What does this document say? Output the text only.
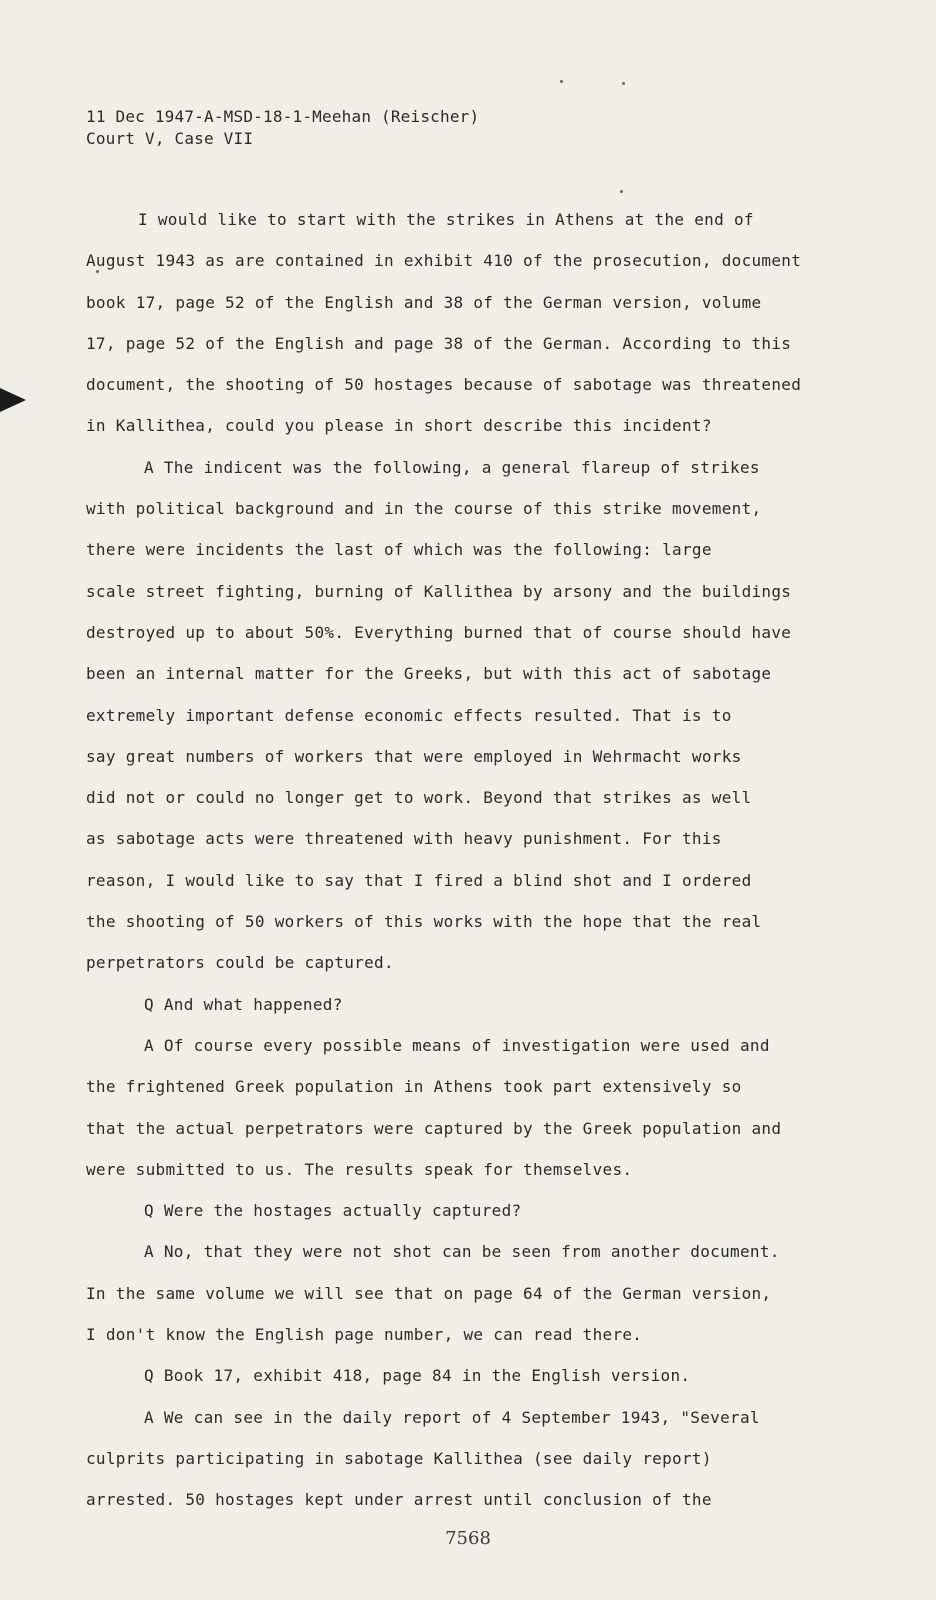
11 Dec 1947-A-MSD-18-1-Meehan (Reischer)
Court V, Case VII
I would like to start with the strikes in Athens at the end of
August 1943 as are contained in exhibit 410 of the prosecution, document
book 17, page 52 of the English and 38 of the German version, volume
17, page 52 of the English and page 38 of the German. According to this
document, the shooting of 50 hostages because of sabotage was threatened
in Kallithea, could you please in short describe this incident?
A The indicent was the following, a general flareup of strikes
with political background and in the course of this strike movement,
there were incidents the last of which was the following: large
scale street fighting, burning of Kallithea by arsony and the buildings
destroyed up to about 50%. Everything burned that of course should have
been an internal matter for the Greeks, but with this act of sabotage
extremely important defense economic effects resulted. That is to
say great numbers of workers that were employed in Wehrmacht works
did not or could no longer get to work. Beyond that strikes as well
as sabotage acts were threatened with heavy punishment. For this
reason, I would like to say that I fired a blind shot and I ordered
the shooting of 50 workers of this works with the hope that the real
perpetrators could be captured.
Q And what happened?
A Of course every possible means of investigation were used and
the frightened Greek population in Athens took part extensively so
that the actual perpetrators were captured by the Greek population and
were submitted to us. The results speak for themselves.
Q Were the hostages actually captured?
A No, that they were not shot can be seen from another document.
In the same volume we will see that on page 64 of the German version,
I don't know the English page number, we can read there.
Q Book 17, exhibit 418, page 84 in the English version.
A We can see in the daily report of 4 September 1943, "Several
culprits participating in sabotage Kallithea (see daily report)
arrested. 50 hostages kept under arrest until conclusion of the
7568
